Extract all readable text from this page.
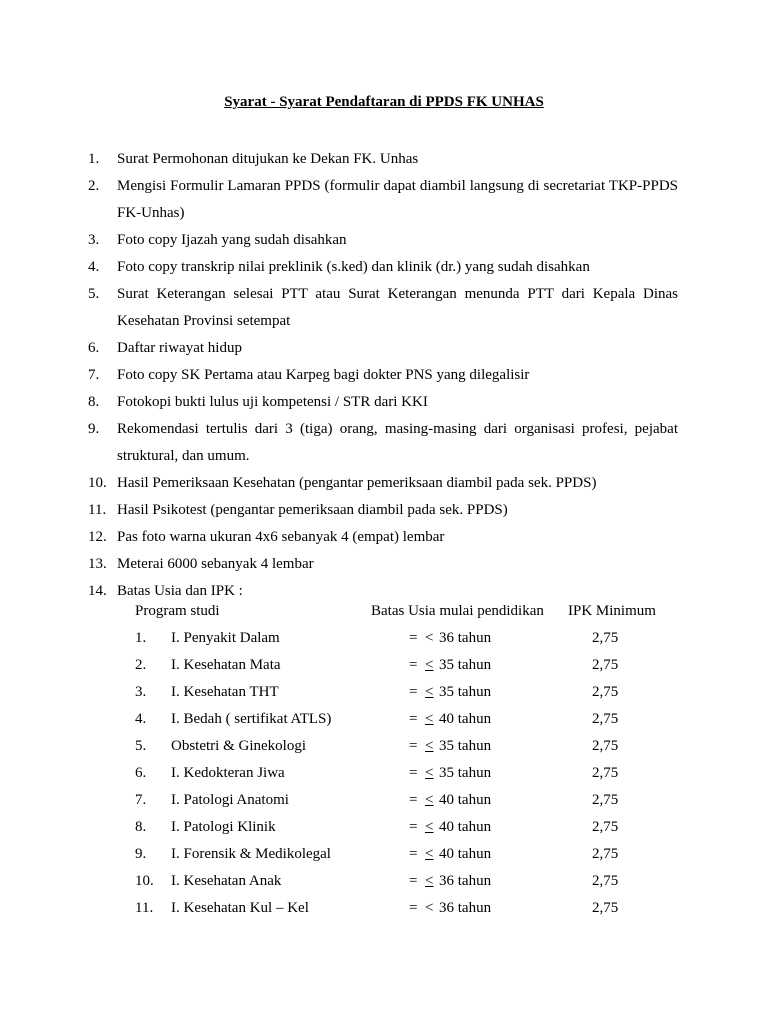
Syarat - Syarat Pendaftaran di PPDS FK UNHAS
1.	Surat Permohonan ditujukan ke Dekan FK. Unhas
2.	Mengisi Formulir Lamaran PPDS (formulir dapat diambil langsung di secretariat TKP-PPDS FK-Unhas)
3.	Foto copy Ijazah yang sudah disahkan
4.	Foto copy transkrip nilai preklinik (s.ked) dan klinik (dr.) yang sudah disahkan
5.	Surat Keterangan selesai PTT atau Surat Keterangan menunda PTT dari Kepala Dinas Kesehatan Provinsi setempat
6.	Daftar riwayat hidup
7.	Foto copy SK Pertama atau Karpeg bagi dokter PNS yang dilegalisir
8.	Fotokopi bukti lulus uji kompetensi / STR dari KKI
9.	Rekomendasi tertulis dari 3 (tiga) orang, masing-masing dari organisasi profesi, pejabat struktural, dan umum.
10. Hasil Pemeriksaan Kesehatan (pengantar pemeriksaan diambil pada sek. PPDS)
11. Hasil Psikotest (pengantar pemeriksaan diambil pada sek. PPDS)
12. Pas foto warna ukuran 4x6 sebanyak 4 (empat) lembar
13. Meterai 6000 sebanyak 4 lembar
14. Batas Usia dan IPK :
Program studi	Batas Usia mulai pendidikan IPK Minimum
1. I. Penyakit Dalam	= < 36 tahun	2,75
2. I. Kesehatan Mata	= < 35 tahun	2,75
3. I. Kesehatan THT	= < 35 tahun	2,75
4. I. Bedah ( sertifikat ATLS)	= < 40 tahun	2,75
5. Obstetri & Ginekologi	= < 35 tahun	2,75
6. I. Kedokteran Jiwa	= < 35 tahun	2,75
7. I. Patologi Anatomi	= < 40 tahun	2,75
8. I. Patologi Klinik	= < 40 tahun	2,75
9. I. Forensik & Medikolegal	= < 40 tahun	2,75
10. I. Kesehatan Anak	= < 36 tahun	2,75
11. I. Kesehatan Kul – Kel	= < 36 tahun	2,75
